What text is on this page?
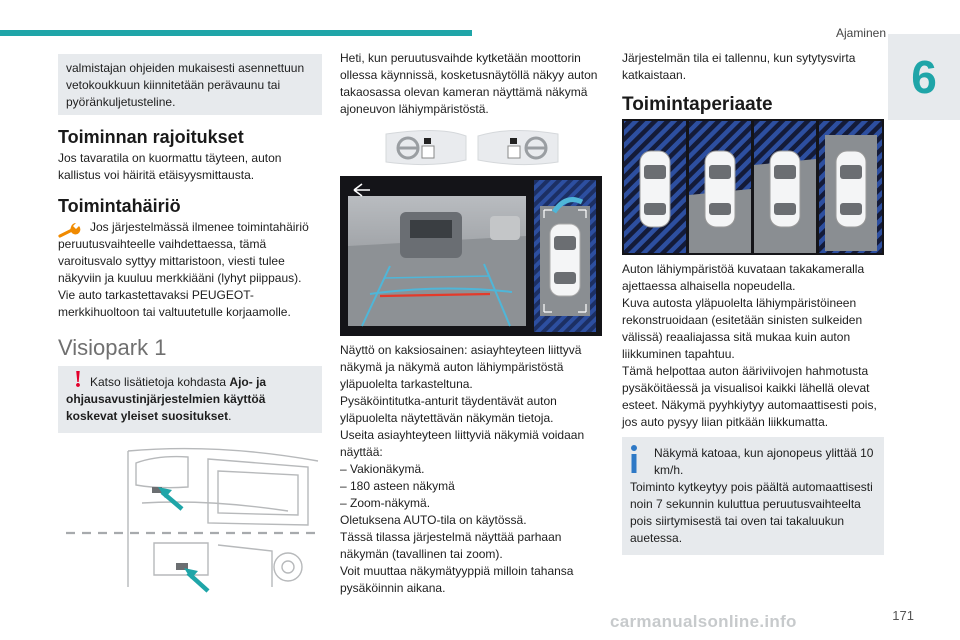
Ajaminen
6

valmistajan ohjeiden mukaisesti asennettuun vetokoukkuun kiinnitetään perävaunu tai pyöränkuljetusteline.

Toiminnan rajoitukset

Jos tavaratila on kuormattu täyteen, auton kallistus voi häiritä etäisyysmittausta.

Toimintahäiriö

Jos järjestelmässä ilmenee toimintahäiriö peruutusvaihteelle vaihdettaessa, tämä varoitusvalo syttyy mittaristoon, viesti tulee näkyviin ja kuuluu merkkiääni (lyhyt piippaus).

Vie auto tarkastettavaksi PEUGEOT-merkkihuoltoon tai valtuutetulle korjaamolle.

Visiopark 1
! Katso lisätietoja kohdasta Ajo- ja ohjausavustinjärjestelmien käyttöä koskevat yleiset suositukset.

Heti, kun peruutusvaihde kytketään moottorin ollessa käynnissä, kosketusnäytöllä näkyy auton takaosassa olevan kameran näyttämä näkymä ajoneuvon lähiympäristöstä.

Näyttö on kaksiosainen: asiayhteyteen liittyvä näkymä ja näkymä auton lähiympäristöstä yläpuolelta tarkasteltuna.

Pysäköintitutka-anturit täydentävät auton yläpuolelta näytettävän näkymän tietoja.

Useita asiayhteyteen liittyviä näkymiä voidaan näyttää:

– Vakionäkymä.

– 180 asteen näkymä

– Zoom-näkymä.

Oletuksena AUTO-tila on käytössä.

Tässä tilassa järjestelmä näyttää parhaan näkymän (tavallinen tai zoom).

Voit muuttaa näkymätyyppiä milloin tahansa pysäköinnin aikana.

Järjestelmän tila ei tallennu, kun sytytysvirta katkaistaan.

Toimintaperiaate

Auton lähiympäristöä kuvataan takakameralla ajettaessa alhaisella nopeudella.

Kuva autosta yläpuolelta lähiympäristöineen rekonstruoidaan (esitetään sinisten sulkeiden välissä) reaaliajassa sitä mukaa kuin auton liikkuminen tapahtuu.

Tämä helpottaa auton ääriviivojen hahmotusta pysäköitäessä ja visualisoi kaikki lähellä olevat esteet. Näkymä pyyhkiytyy automaattisesti pois, jos auto pysyy liian pitkään liikkumatta.

Näkymä katoaa, kun ajonopeus ylittää 10 km/h.

Toiminto kytkeytyy pois päältä automaattisesti noin 7 sekunnin kuluttua peruutusvaihteelta pois siirtymisestä tai oven tai takaluukun auetessa.

carmanualsonline.info	171
